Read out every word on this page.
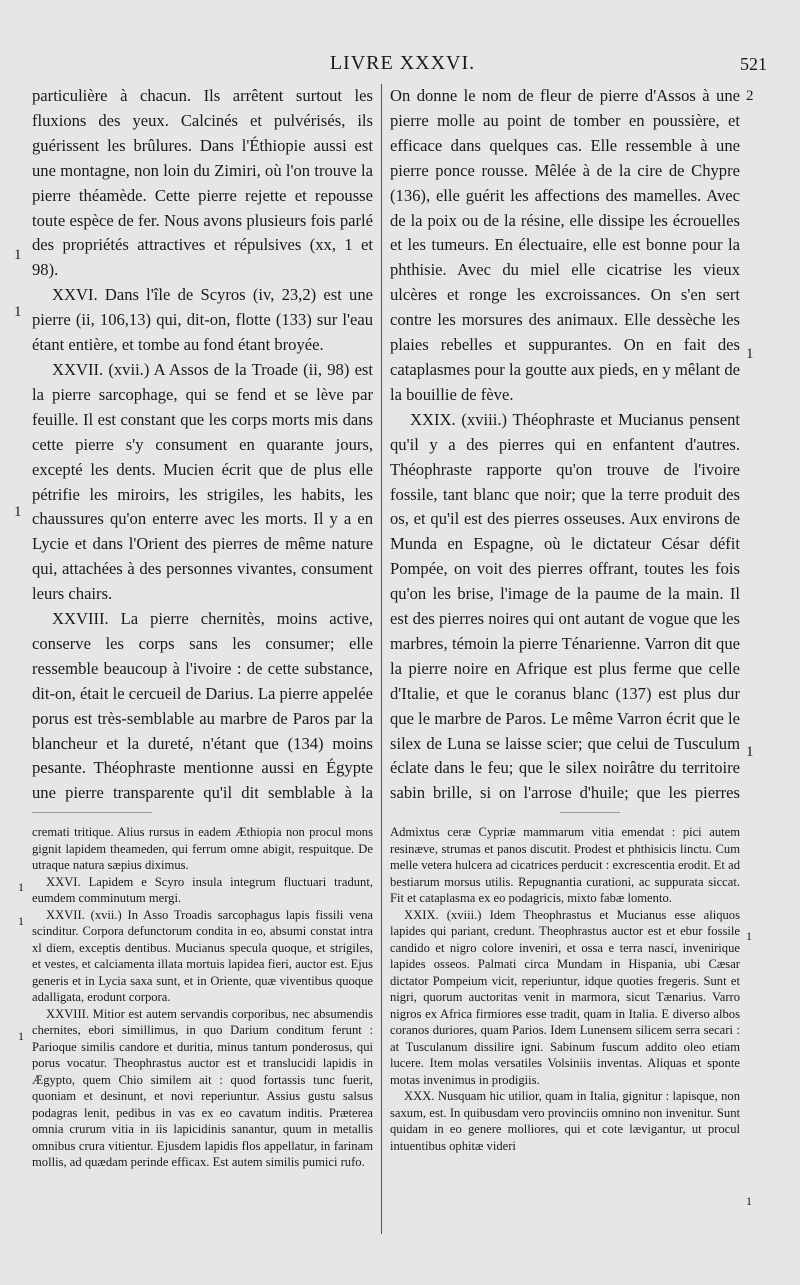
LIVRE XXXVI.	521

particulière à chacun. Ils arrêtent surtout les fluxions des yeux. Calcinés et pulvérisés, ils guérissent les brûlures. Dans l'Éthiopie aussi est une montagne, non loin du Zimiri, où l'on trouve la pierre théamède. Cette pierre rejette et repousse toute espèce de fer. Nous avons plusieurs fois parlé des propriétés attractives et répulsives (xx, 1 et 98).

XXVI. Dans l'île de Scyros (iv, 23,2) est une pierre (ii, 106,13) qui, dit-on, flotte (133) sur l'eau étant entière, et tombe au fond étant broyée.

XXVII. (xvii.) A Assos de la Troade (ii, 98) est la pierre sarcophage, qui se fend et se lève par feuille. Il est constant que les corps morts mis dans cette pierre s'y consument en quarante jours, excepté les dents. Mucien écrit que de plus elle pétrifie les miroirs, les strigiles, les habits, les chaussures qu'on enterre avec les morts. Il y a en Lycie et dans l'Orient des pierres de même nature qui, attachées à des personnes vivantes, consument leurs chairs.

XXVIII. La pierre chernitès, moins active, conserve les corps sans les consumer; elle ressemble beaucoup à l'ivoire : de cette substance, dit-on, était le cercueil de Darius. La pierre appelée porus est très-semblable au marbre de Paros par la blancheur et la dureté, n'étant que (134) moins pesante. Théophraste mentionne aussi en Égypte une pierre transparente qu'il dit semblable à la

On donne le nom de fleur de pierre d'Assos à une pierre molle au point de tomber en poussière, et efficace dans quelques cas. Elle ressemble à une pierre ponce rousse. Mêlée à de la cire de Chypre (136), elle guérit les affections des mamelles. Avec de la poix ou de la résine, elle dissipe les écrouelles et les tumeurs. En électuaire, elle est bonne pour la phthisie. Avec du miel elle cicatrise les vieux ulcères et ronge les excroissances. On s'en sert contre les morsures des animaux. Elle dessèche les plaies rebelles et suppurantes. On en fait des cataplasmes pour la goutte aux pieds, en y mêlant de la bouillie de fève.

XXIX. (xviii.) Théophraste et Mucianus pensent qu'il y a des pierres qui en enfantent d'autres. Théophraste rapporte qu'on trouve de l'ivoire fossile, tant blanc que noir; que la terre produit des os, et qu'il est des pierres osseuses. Aux environs de Munda en Espagne, où le dictateur César défit Pompée, on voit des pierres offrant, toutes les fois qu'on les brise, l'image de la paume de la main. Il est des pierres noires qui ont autant de vogue que les marbres, témoin la pierre Ténarienne. Varron dit que la pierre noire en Afrique est plus ferme que celle d'Italie, et que le coranus blanc (137) est plus dur que le marbre de Paros. Le même Varron écrit que le silex de Luna se laisse scier; que celui de Tusculum éclate dans le feu; que le silex noirâtre du territoire sabin brille, si on l'arrose d'huile; que les pierres

cremati tritique. Alius rursus in eadem Æthiopia non procul mons gignit lapidem theameden, qui ferrum omne abigit, respuitque. De utraque natura sæpius diximus.

XXVI. Lapidem e Scyro insula integrum fluctuari tradunt, eumdem comminutum mergi.

XXVII. (xvii.) In Asso Troadis sarcophagus lapis fissili vena scinditur. Corpora defunctorum condita in eo, absumi constat intra xl diem, exceptis dentibus. Mucianus specula quoque, et strigiles, et vestes, et calciamenta illata mortuis lapidea fieri, auctor est. Ejus generis et in Lycia saxa sunt, et in Oriente, quæ viventibus quoque adalligata, erodunt corpora.

XXVIII. Mitior est autem servandis corporibus, nec absumendis chernites, ebori simillimus, in quo Darium conditum ferunt : Parioque similis candore et duritia, minus tantum ponderosus, qui porus vocatur. Theophrastus auctor est et translucidi lapidis in Ægypto, quem Chio similem ait : quod fortassis tunc fuerit, quoniam et desinunt, et novi reperiuntur. Assius gustu salsus podagras lenit, pedibus in vas ex eo cavatum inditis. Præterea omnia crurum vitia in iis lapicidinis sanantur, quum in metallis omnibus crura vitientur. Ejusdem lapidis flos appellatur, in farinam mollis, ad quædam perinde efficax. Est autem similis pumici rufo.

Admixtus ceræ Cypriæ mammarum vitia emendat : pici autem resinæve, strumas et panos discutit. Prodest et phthisicis linctu. Cum melle vetera hulcera ad cicatrices perducit : excrescentia erodit. Et ad bestiarum morsus utilis. Repugnantia curationi, ac suppurata siccat. Fit et cataplasma ex eo podagricis, mixto fabæ lomento.

XXIX. (xviii.) Idem Theophrastus et Mucianus esse aliquos lapides qui pariant, credunt. Theophrastus auctor est et ebur fossile candido et nigro colore inveniri, et ossa e terra nasci, inveniriquе lapides osseos. Palmati circa Mundam in Hispania, ubi Cæsar dictator Pompeium vicit, reperiuntur, idque quoties fregeris. Sunt et nigri, quorum auctoritas venit in marmora, sicut Tænarius. Varro nigros ex Africa firmiores esse tradit, quam in Italia. E diverso albos coranos duriores, quam Parios. Idem Lunensem silicem serra secari : at Tusculanum dissilire igni. Sabinum fuscum addito oleo etiam lucere. Item molas versatiles Volsiniis inventas. Aliquas et sponte motas invenimus in prodigiis.

XXX. Nusquam hic utilior, quam in Italia, gignitur : lapisque, non saxum, est. In quibusdam vero provinciis omnino non invenitur. Sunt quidam in eo genere molliores, qui et cote lævigantur, ut procul intuentibus ophitæ videri

1
1
1
2
1
1
1
1
1
1
1
